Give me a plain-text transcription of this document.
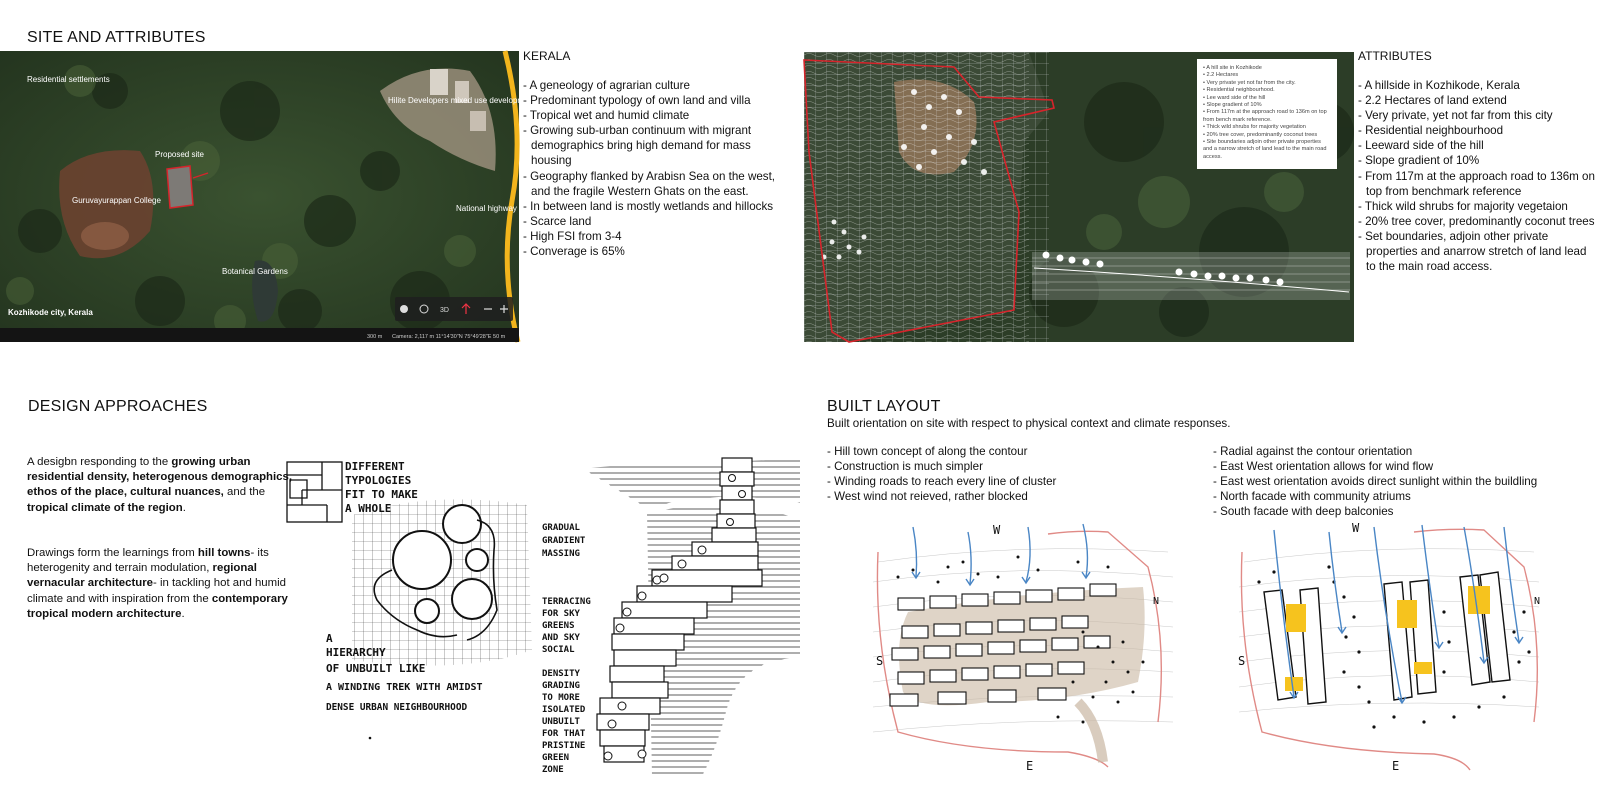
SITE AND ATTRIBUTES
Residential settlements
Hilite Developers mixed use development
Proposed site
Guruvayurappan College
National highway
Botanical Gardens
Kozhikode city, Kerala	3D
300 m Camera: 2,117 m 11°14'30"N 75°49'28"E 50 m
KERALA
- A geneology of agrarian culture
- Predominant typology of own land and villa
- Tropical wet and humid climate
- Growing sub-urban continuum with migrant demographics bring high demand for mass housing
- Geography flanked by Arabisn Sea on the west, and the fragile Western Ghats on the east.
- In between land is mostly wetlands and hillocks
- Scarce land
- High FSI from 3-4
- Converage is 65%
• A hill site in Kozhikode
• 2.2 Hectares
• Very private yet not far from the city.
• Residential neighbourhood.
• Lee ward side of the hill
• Slope gradient of 10%
• From 117m at the approach road to 136m on top from bench mark reference.
• Thick wild shrubs for majority vegetation
• 20% tree cover, predominantly coconut trees
• Site boundaries adjoin other private properties and a narrow stretch of land lead to the main road access.
ATTRIBUTES
- A hillside in Kozhikode, Kerala
- 2.2 Hectares of land extend
- Very private, yet not far from this city
- Residential neighbourhood
- Leeward side of the hill
- Slope gradient of 10%
- From 117m at the approach road to 136m on top from benchmark reference
- Thick wild shrubs for majority vegetaion
- 20% tree cover, predominantly coconut trees
- Set boundaries, adjoin other private properties and anarrow stretch of land lead to the main road access.
DESIGN APPROACHES
A desigbn responding to the growing urban residential density, heterogenous demographics, ethos of the place, cultural nuances, and the tropical climate of the region.
Drawings form the learnings from hill towns- its heterogenity and terrain modulation, regional vernacular architecture- in tackling hot and humid climate and with inspiration from the contemporary tropical modern architecture.
DIFFERENT
TYPOLOGIES
FIT TO MAKE
A WHOLE
A
HIERARCHY
OF UNBUILT LIKE
A WINDING TREK WITH AMIDST
DENSE URBAN NEIGHBOURHOOD
GRADUAL
GRADIENT
MASSING
TERRACING
FOR SKY
GREENS
AND SKY
SOCIAL
DENSITY
GRADING
TO MORE
ISOLATED
UNBUILT
FOR THAT
PRISTINE
GREEN
ZONE
BUILT LAYOUT
Built orientation on site with respect to physical context and climate responses.
- Hill town concept of along the contour
- Construction is much simpler
- Winding roads to reach every line of cluster
- West wind not reieved, rather blocked
- Radial against the contour orientation
- East West orientation allows for wind flow
- East west orientation avoids direct sunlight within the buildling
- North facade with community atriums
- South facade with deep balconies
W
N
S
E
W
N
S
E
